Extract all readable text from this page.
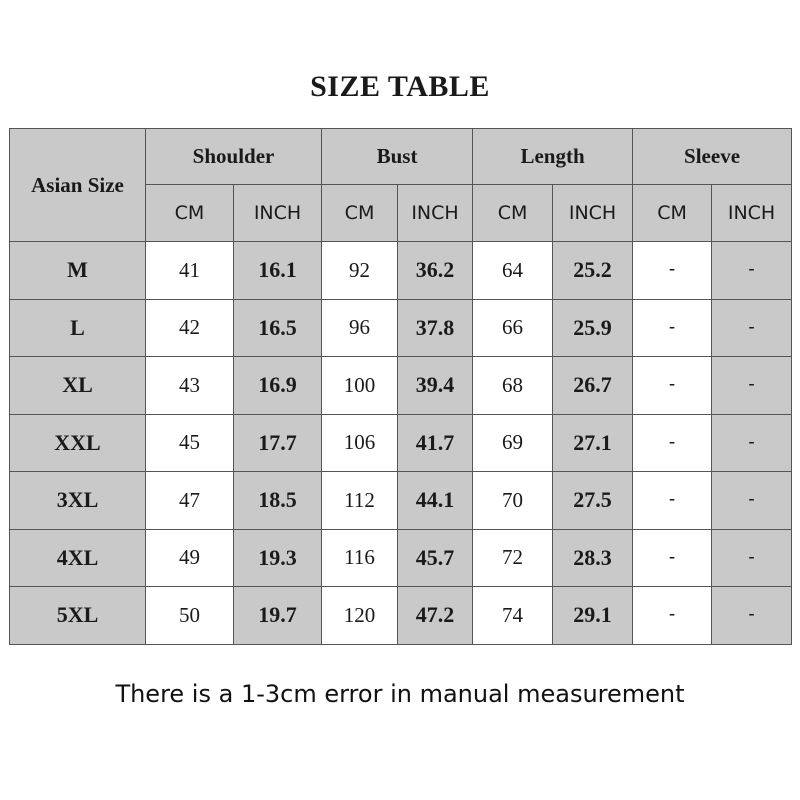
SIZE TABLE
Asian Size	Shoulder		Bust		Length		Sleeve	
	CM	INCH	CM	INCH	CM	INCH	CM	INCH
M	41	16.1	92	36.2	64	25.2	-	-
L	42	16.5	96	37.8	66	25.9	-	-
XL	43	16.9	100	39.4	68	26.7	-	-
XXL	45	17.7	106	41.7	69	27.1	-	-
3XL	47	18.5	112	44.1	70	27.5	-	-
4XL	49	19.3	116	45.7	72	28.3	-	-
5XL	50	19.7	120	47.2	74	29.1	-	-
There is a 1-3cm error in manual measurement
